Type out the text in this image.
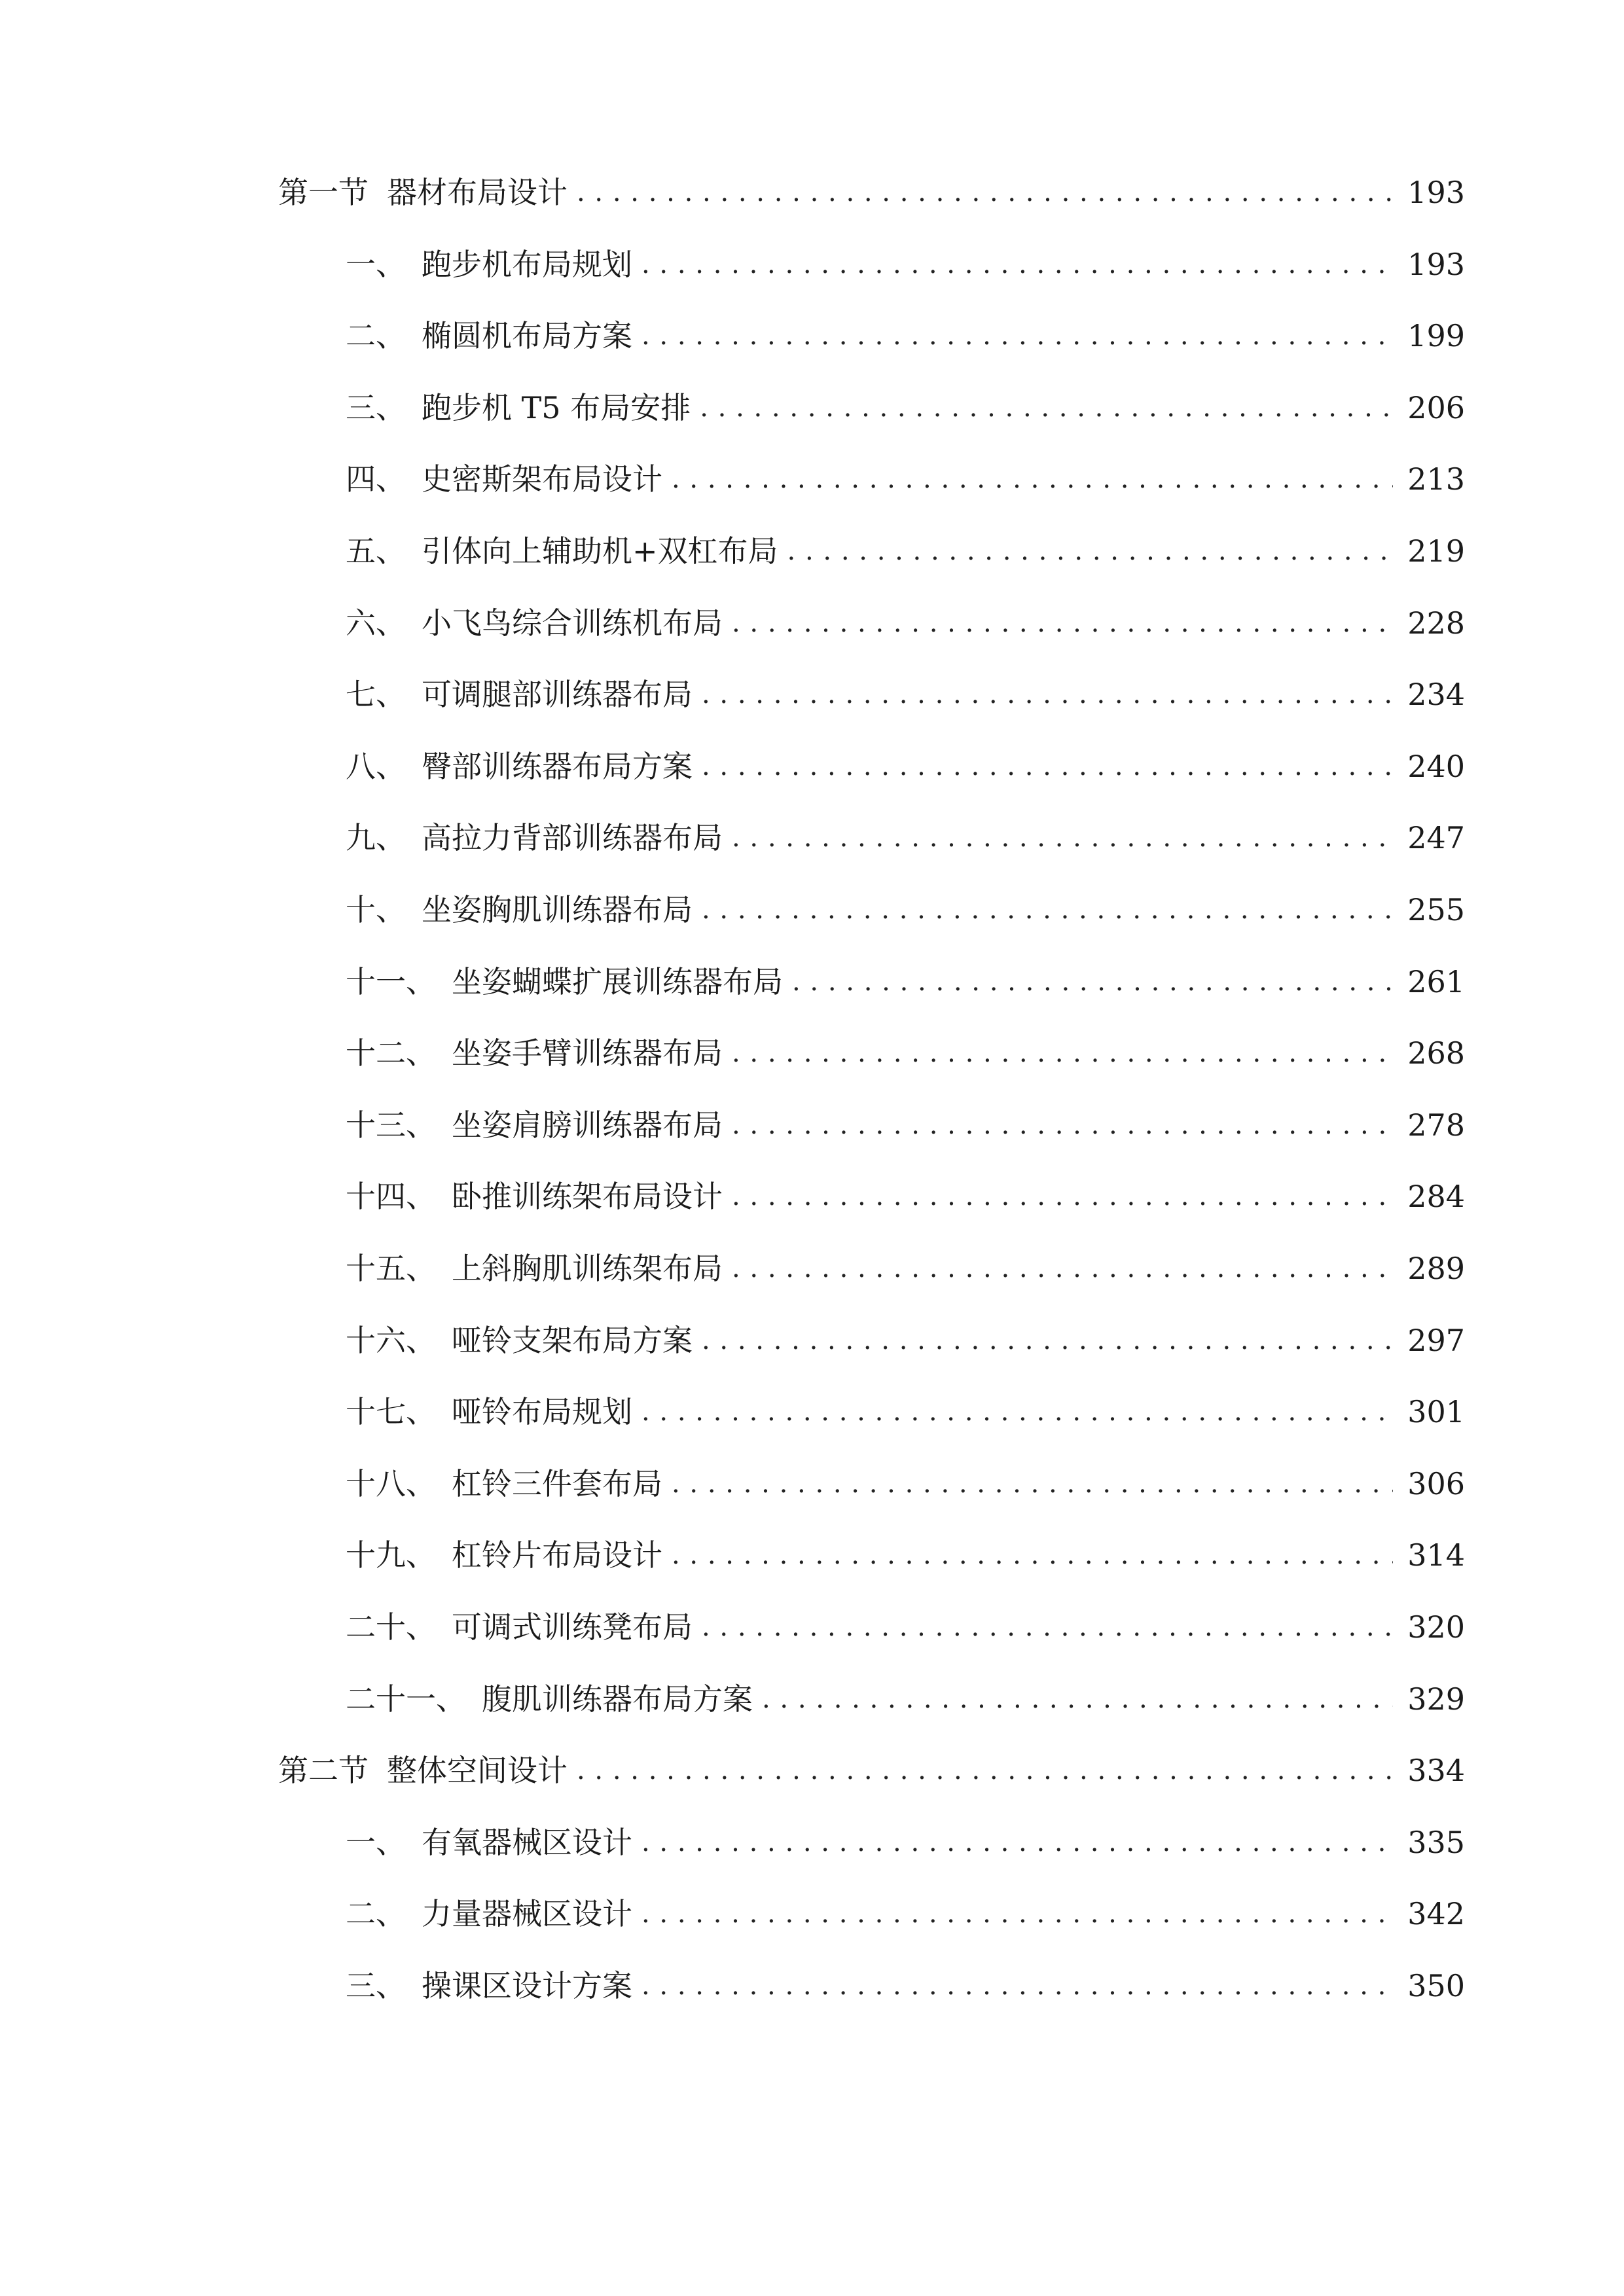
第一节 器材布局设计 . . .	193
一、 跑步机布局规划 . . .	193
二、 椭圆机布局方案 . . .	199
三、 跑步机 T5 布局安排 . . .	206
四、 史密斯架布局设计 . . .	213
五、 引体向上辅助机+双杠布局 . . .	219
六、 小飞鸟综合训练机布局 . . .	228
七、 可调腿部训练器布局 . . .	234
八、 臀部训练器布局方案 . . .	240
九、 高拉力背部训练器布局 . . .	247
十、 坐姿胸肌训练器布局 . . .	255
十一、 坐姿蝴蝶扩展训练器布局 . . .	261
十二、 坐姿手臂训练器布局 . . .	268
十三、 坐姿肩膀训练器布局 . . .	278
十四、 卧推训练架布局设计 . . .	284
十五、 上斜胸肌训练架布局 . . .	289
十六、 哑铃支架布局方案 . . .	297
十七、 哑铃布局规划 . . .	301
十八、 杠铃三件套布局 . . .	306
十九、 杠铃片布局设计 . . .	314
二十、 可调式训练凳布局 . . .	320
二十一、 腹肌训练器布局方案 . . .	329
第二节 整体空间设计 . . .	334
一、 有氧器械区设计 . . .	335
二、 力量器械区设计 . . .	342
三、 操课区设计方案 . . .	350
